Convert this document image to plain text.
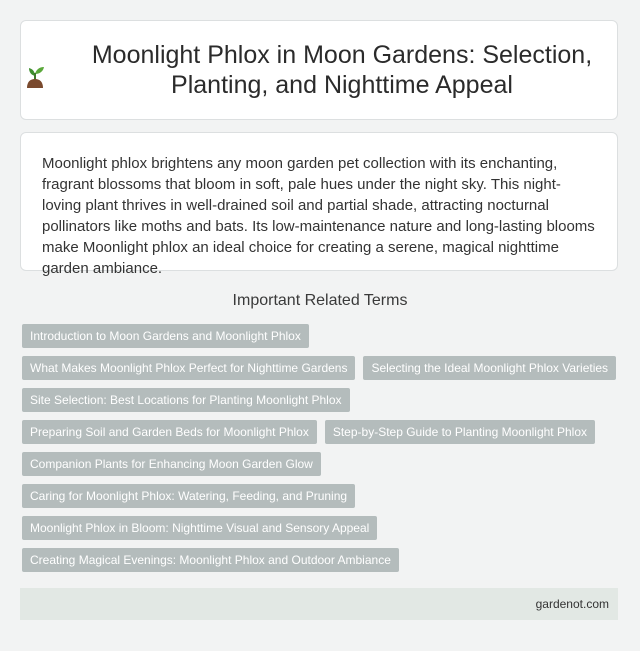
Moonlight Phlox in Moon Gardens: Selection, Planting, and Nighttime Appeal

Moonlight phlox brightens any moon garden pet collection with its enchanting, fragrant blossoms that bloom in soft, pale hues under the night sky. This night-loving plant thrives in well-drained soil and partial shade, attracting nocturnal pollinators like moths and bats. Its low-maintenance nature and long-lasting blooms make Moonlight phlox an ideal choice for creating a serene, magical nighttime garden ambiance.

Important Related Terms
Introduction to Moon Gardens and Moonlight Phlox
What Makes Moonlight Phlox Perfect for Nighttime Gardens	Selecting the Ideal Moonlight Phlox Varieties
Site Selection: Best Locations for Planting Moonlight Phlox
Preparing Soil and Garden Beds for Moonlight Phlox	Step-by-Step Guide to Planting Moonlight Phlox
Companion Plants for Enhancing Moon Garden Glow
Caring for Moonlight Phlox: Watering, Feeding, and Pruning
Moonlight Phlox in Bloom: Nighttime Visual and Sensory Appeal
Creating Magical Evenings: Moonlight Phlox and Outdoor Ambiance
gardenot.com
